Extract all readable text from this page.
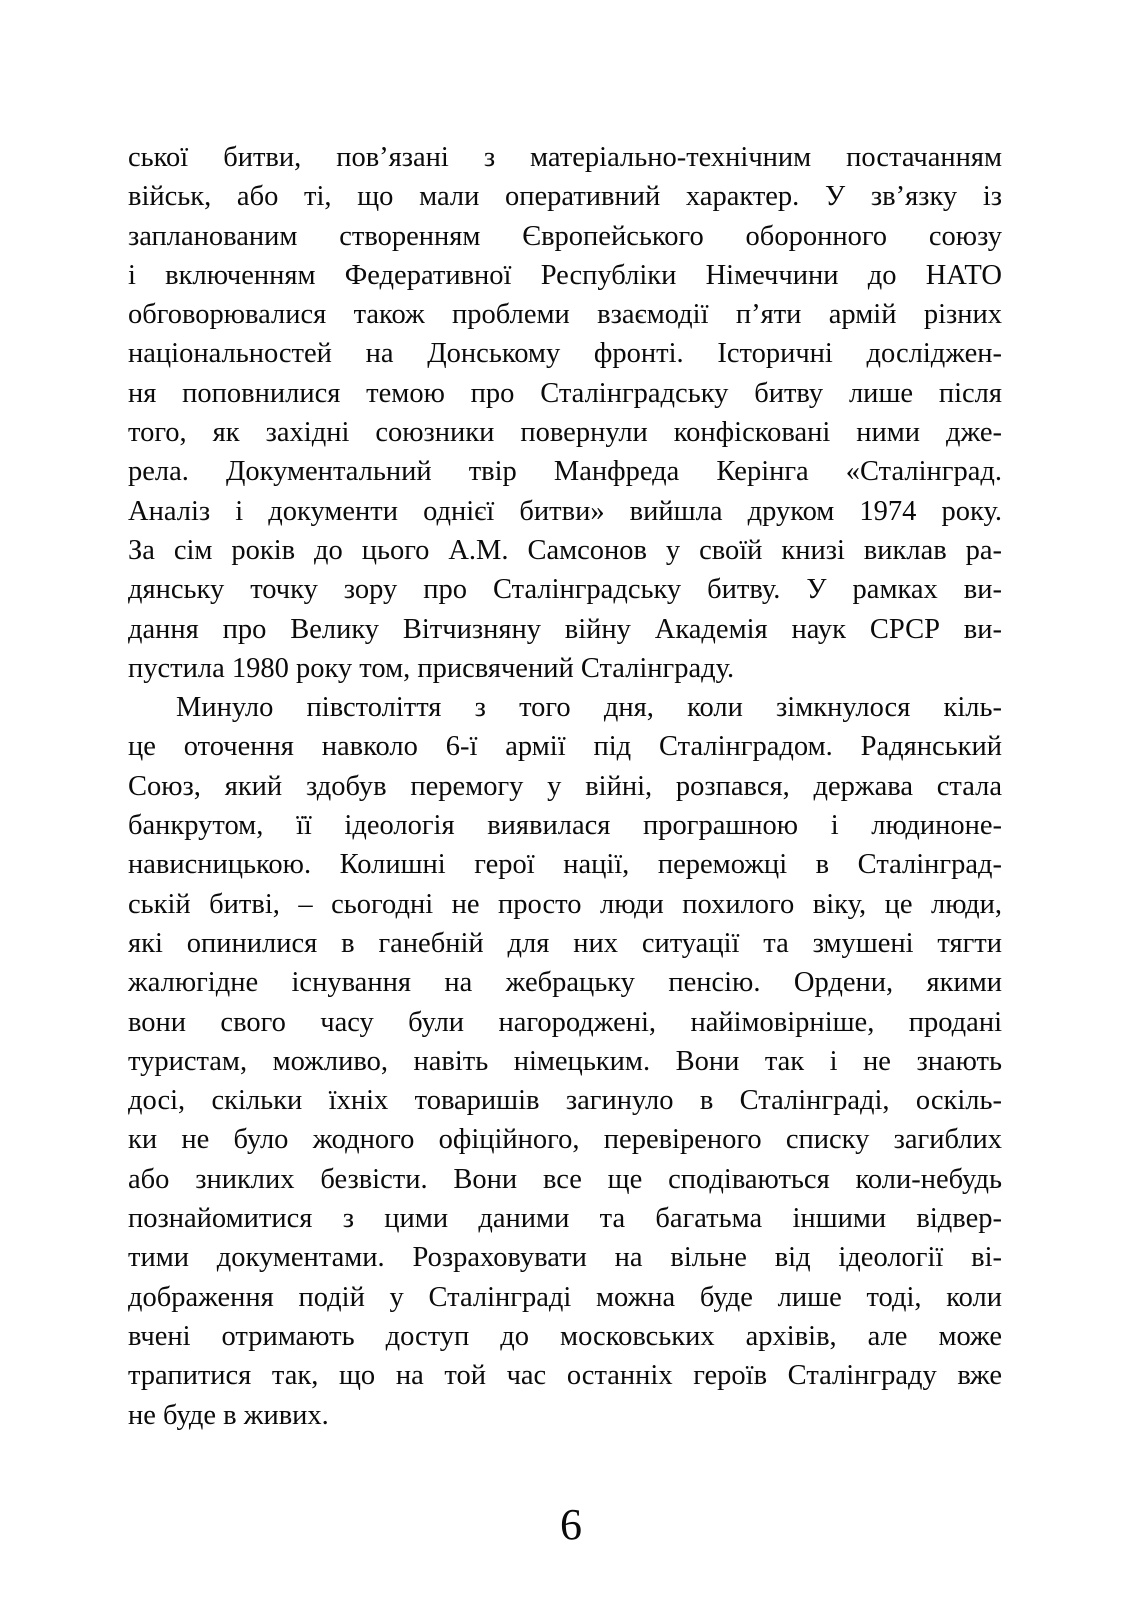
ської битви, пов’язані з матеріально-технічним постачанням
військ, або ті, що мали оперативний характер. У зв’язку із
запланованим створенням Європейського оборонного союзу
і включенням Федеративної Республіки Німеччини до НАТО
обговорювалися також проблеми взаємодії п’яти армій різних
національностей на Донському фронті. Історичні досліджен-
ня поповнилися темою про Сталінградську битву лише після
того, як західні союзники повернули конфісковані ними дже-
рела. Документальний твір Манфреда Керінга «Сталінград.
Аналіз і документи однієї битви» вийшла друком 1974 року.
За сім років до цього А.М. Самсонов у своїй книзі виклав ра-
дянську точку зору про Сталінградську битву. У рамках ви-
дання про Велику Вітчизняну війну Академія наук СРСР ви-
пустила 1980 року том, присвячений Сталінграду.
Минуло півстоліття з того дня, коли зімкнулося кіль-
це оточення навколо 6-ї армії під Сталінградом. Радянський
Союз, який здобув перемогу у війні, розпався, держава стала
банкрутом, її ідеологія виявилася програшною і людиноне-
нависницькою. Колишні герої нації, переможці в Сталінград-
ській битві, – сьогодні не просто люди похилого віку, це люди,
які опинилися в ганебній для них ситуації та змушені тягти
жалюгідне існування на жебрацьку пенсію. Ордени, якими
вони свого часу були нагороджені, найімовірніше, продані
туристам, можливо, навіть німецьким. Вони так і не знають
досі, скільки їхніх товаришів загинуло в Сталінграді, оскіль-
ки не було жодного офіційного, перевіреного списку загиблих
або зниклих безвісти. Вони все ще сподіваються коли-небудь
познайомитися з цими даними та багатьма іншими відвер-
тими документами. Розраховувати на вільне від ідеології ві-
дображення подій у Сталінграді можна буде лише тоді, коли
вчені отримають доступ до московських архівів, але може
трапитися так, що на той час останніх героїв Сталінграду вже
не буде в живих.
6
